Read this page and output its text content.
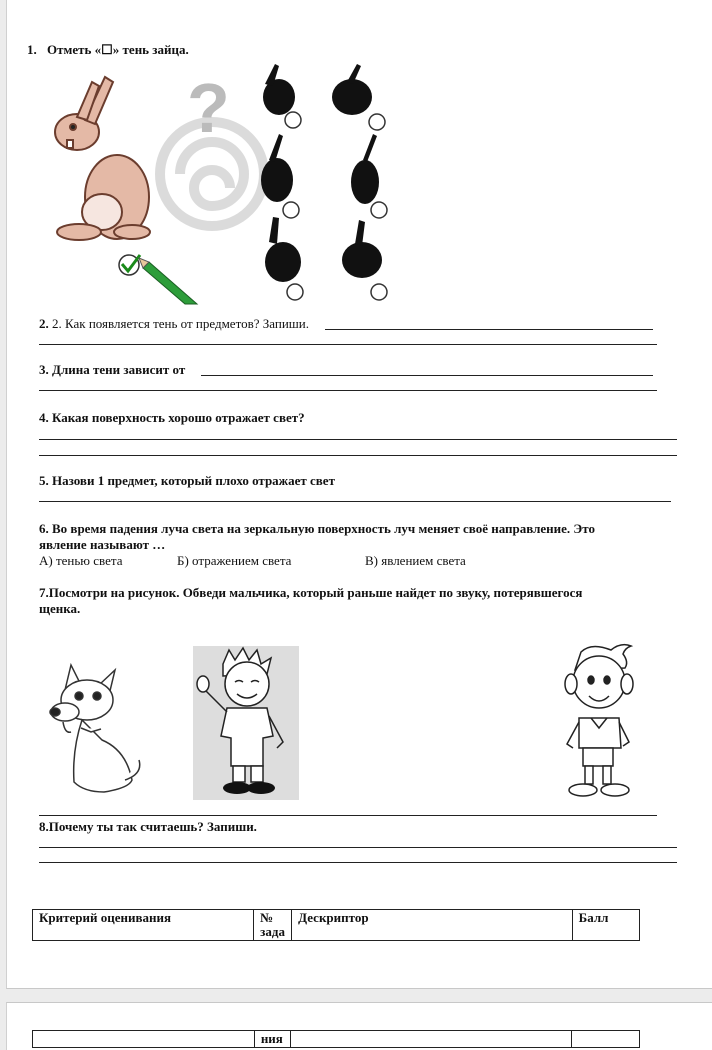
1. Отметь «☐» тень зайца.
?
2. 2. Как появляется тень от предметов? Запиши.
3. Длина тени зависит от
4. Какая поверхность хорошо отражает свет?
5. Назови 1 предмет, который плохо отражает свет
6. Во время падения луча света на зеркальную поверхность луч меняет своё направление. Это
явление называют …
А) тенью света	Б) отражением света	В) явлением света
7.Посмотри на рисунок. Обведи мальчика, который раньше найдет по звуку, потерявшегося
щенка.
8.Почему ты так считаешь? Запиши.
Критерий оценивания	№ зада	Дескриптор	Балл
	ния		
